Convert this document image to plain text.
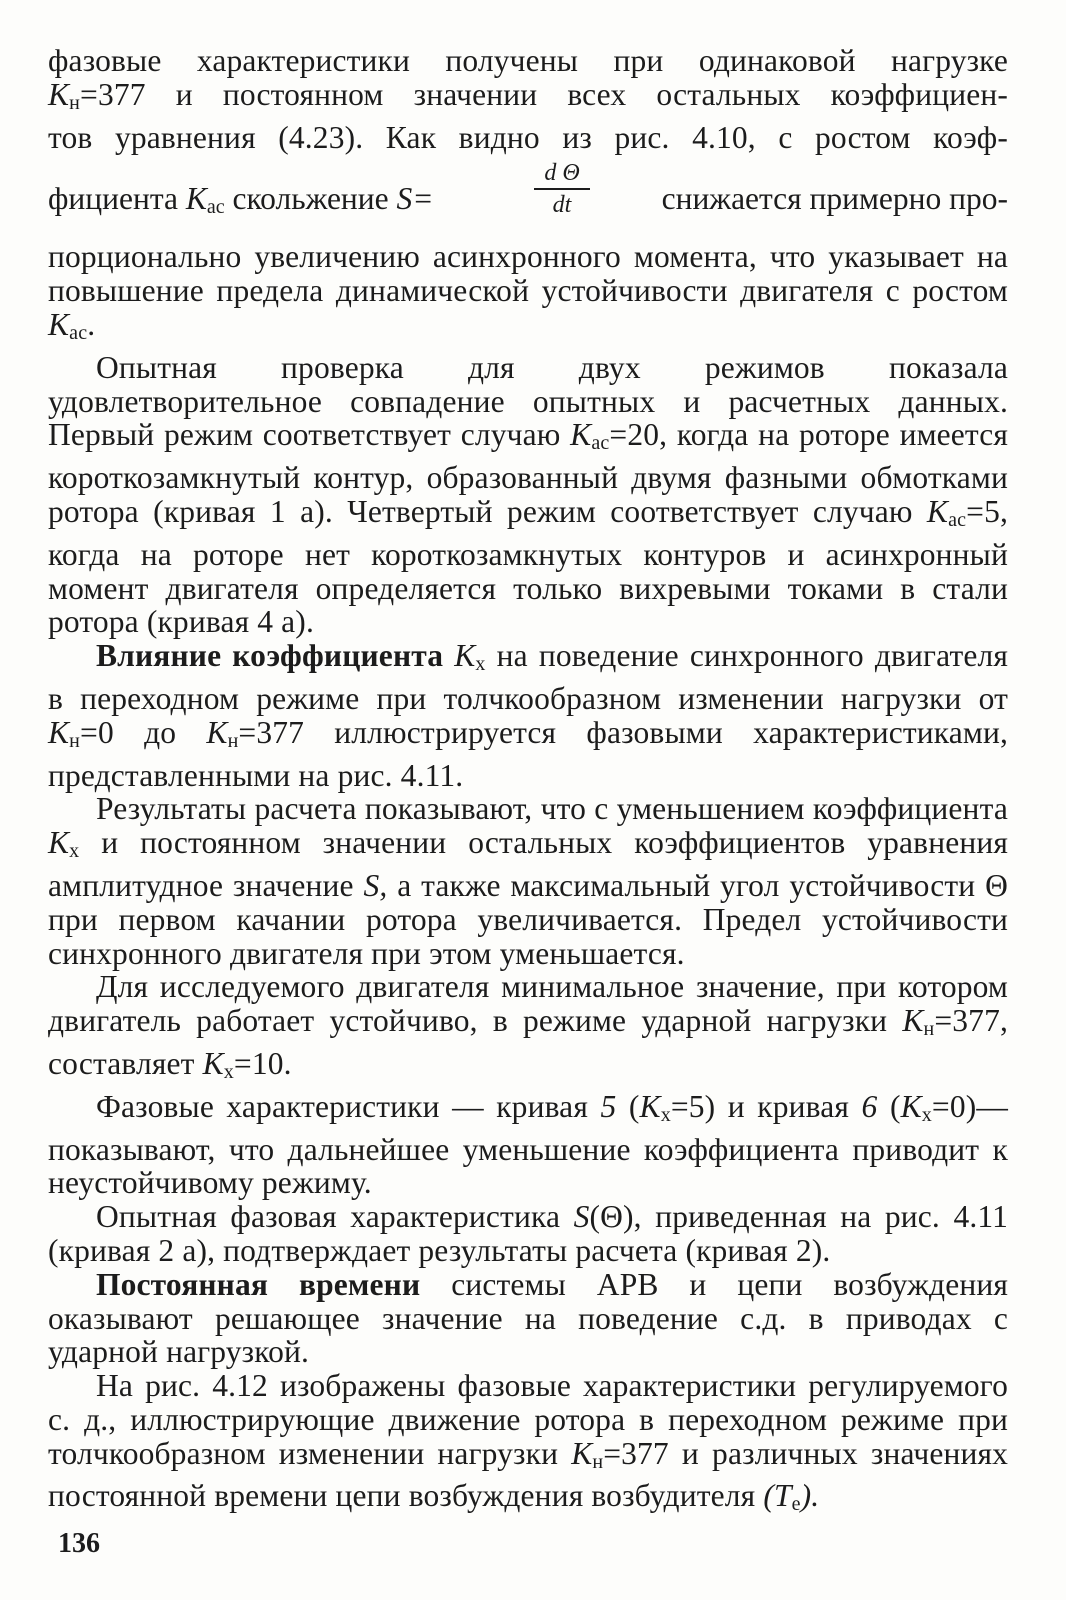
фазовые характеристики получены при одинаковой нагрузке

$K_н=377$ и постоянном значении всех остальных коэффициен-

тов уравнения (4.23). Как видно из рис. 4.10, с ростом коэф-

фициента $K_{ас}$ скольжение S=
d Θ
dt	снижается примерно про-

порционально увеличению асинхронного момента, что указывает на повышение предела динамической устойчивости двигателя с ростом $K_{ас}$.

Опытная проверка для двух режимов показала удовлетворительное совпадение опытных и расчетных данных. Первый режим соответствует случаю $K_{ас}=20$, когда на роторе имеется короткозамкнутый контур, образованный двумя фазными обмотками ротора (кривая 1 а). Четвертый режим соответствует случаю $K_{ас}=5$, когда на роторе нет короткозамкнутых контуров и асинхронный момент двигателя определяется только вихревыми токами в стали ротора (кривая 4 а).

Влияние коэффициента $K_x$ на поведение синхронного двигателя в переходном режиме при толчкообразном изменении нагрузки от $K_н=0$ до $K_н=377$ иллюстрируется фазовыми характеристиками, представленными на рис. 4.11.

Результаты расчета показывают, что с уменьшением коэффициента $K_x$ и постоянном значении остальных коэффициентов уравнения амплитудное значение S, а также максимальный угол устойчивости Θ при первом качании ротора увеличивается. Предел устойчивости синхронного двигателя при этом уменьшается.

Для исследуемого двигателя минимальное значение, при котором двигатель работает устойчиво, в режиме ударной нагрузки $K_н=377$, составляет $K_x=10$.

Фазовые характеристики — кривая 5 $(K_x=5)$ и кривая 6 $(K_x=0)—показывают$, что дальнейшее уменьшение коэффициента приводит к неустойчивому режиму.

Опытная фазовая характеристика S(Θ), приведенная на рис. 4.11 (кривая 2 а), подтверждает результаты расчета (кривая 2).

Постоянная времени системы АРВ и цепи возбуждения оказывают решающее значение на поведение с.д. в приводах с ударной нагрузкой.

На рис. 4.12 изображены фазовые характеристики регулируемого с. д., иллюстрирующие движение ротора в переходном режиме при толчкообразном изменении нагрузки $K_н=377$ и различных значениях постоянной времени цепи возбуждения возбудителя $(T_e)$.

136
